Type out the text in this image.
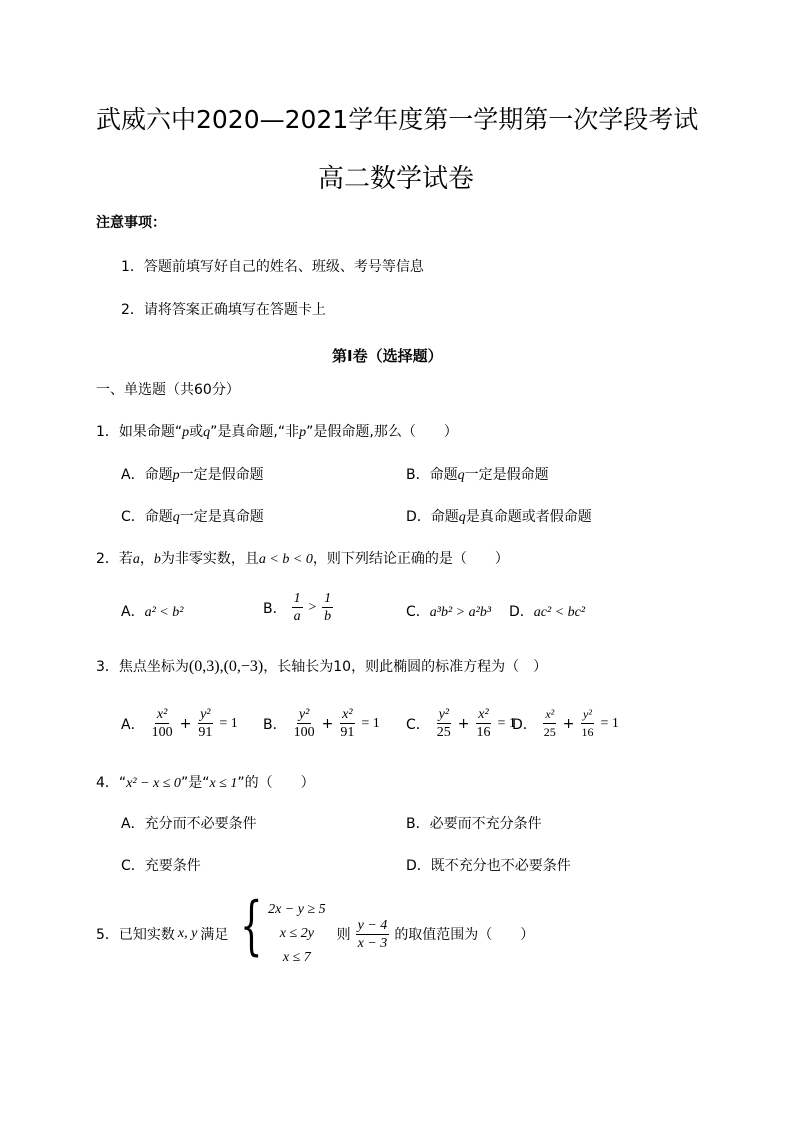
武威六中2020—2021学年度第一学期第一次学段考试
高二数学试卷
注意事项：
1．答题前填写好自己的姓名、班级、考号等信息
2．请将答案正确填写在答题卡上
第I卷（选择题）
一、单选题（共60分）
1．如果命题“p或q”是真命题,“非p”是假命题,那么（　　）
A．命题p一定是假命题	B．命题q一定是假命题
C．命题q一定是真命题	D．命题q是真命题或者假命题
2．若a，b为非零实数，且a < b < 0，则下列结论正确的是（　　）
A．a² < b²	B． $\frac{1}{a} > \frac{1}{b}$	C．a³b² > a²b³ D．ac² < bc²
3．焦点坐标为(0,3),(0,−3)，长轴长为10，则此椭圆的标准方程为（　）
A． $\frac{\text{x²}}{100} + \frac{\text{y²}}{91} = 1$ B． $\frac{\text{y²}}{100} + \frac{\text{x²}}{91} = 1$ C． $\frac{\text{y²}}{25} + \frac{\text{x²}}{16} = 1$
D． $\frac{\text{x²}}{25} + \frac{\text{y²}}{16} = 1$
4．“x² − x ≤ 0”是“x ≤ 1”的（　　）
A．充分而不必要条件	B．必要而不充分条件
C．充要条件	D．既不充分也不必要条件
5．已知实数 x, y 满足 { 2x − y ≥ 5
x ≤ 2y
x ≤ 7
则 $\frac{y - 4}{x - 3}$ 的取值范围为（　　）
